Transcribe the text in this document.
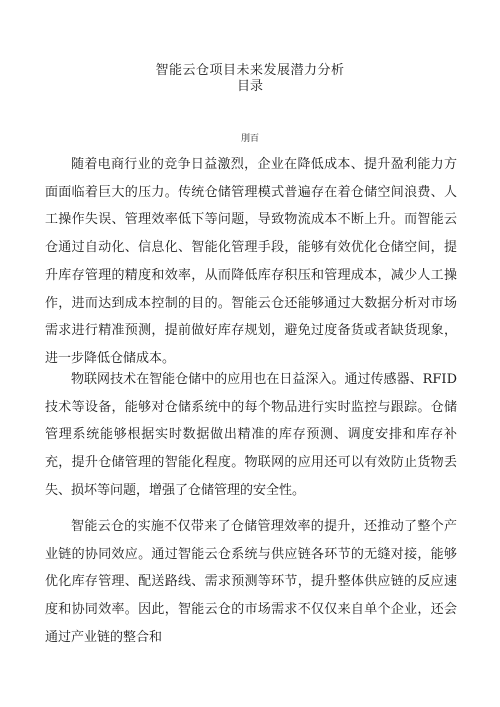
智能云仓项目未来发展潜力分析
目录
刖百

随着电商行业的竞争日益激烈，企业在降低成本、提升盈利能力方面面临着巨大的压力。传统仓储管理模式普遍存在着仓储空间浪费、人工操作失误、管理效率低下等问题，导致物流成本不断上升。而智能云仓通过自动化、信息化、智能化管理手段，能够有效优化仓储空间，提升库存管理的精度和效率，从而降低库存积压和管理成本，减少人工操作，进而达到成本控制的目的。智能云仓还能够通过大数据分析对市场需求进行精准预测，提前做好库存规划，避免过度备货或者缺货现象，进一步降低仓储成本。

物联网技术在智能仓储中的应用也在日益深入。通过传感器、RFID技术等设备，能够对仓储系统中的每个物品进行实时监控与跟踪。仓储管理系统能够根据实时数据做出精准的库存预测、调度安排和库存补充，提升仓储管理的智能化程度。物联网的应用还可以有效防止货物丢失、损坏等问题，增强了仓储管理的安全性。

智能云仓的实施不仅带来了仓储管理效率的提升，还推动了整个产业链的协同效应。通过智能云仓系统与供应链各环节的无缝对接，能够优化库存管理、配送路线、需求预测等环节，提升整体供应链的反应速度和协同效率。因此，智能云仓的市场需求不仅仅来自单个企业，还会通过产业链的整合和
